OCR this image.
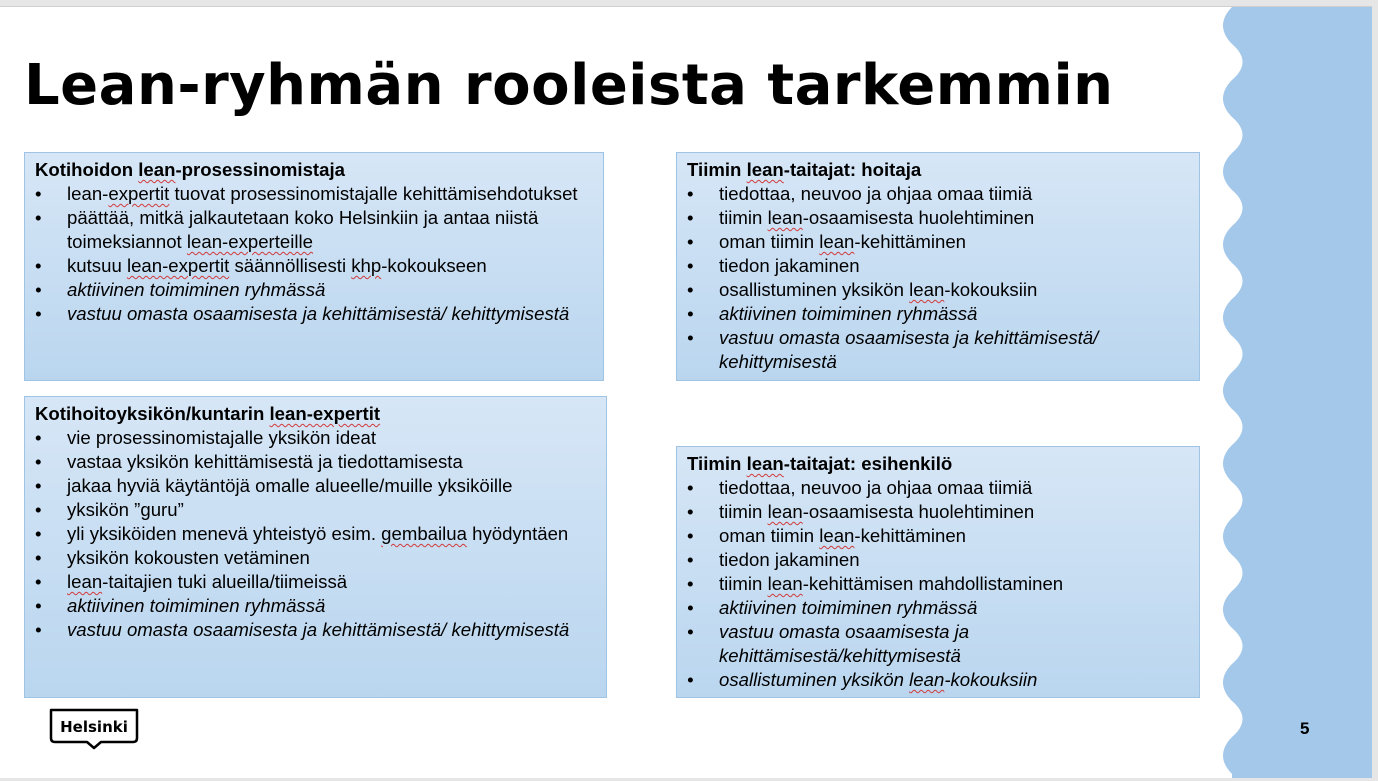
Lean-ryhmän rooleista tarkemmin
Kotihoidon lean-prosessinomistaja
• lean-expertit tuovat prosessinomistajalle kehittämisehdotukset
• päättää, mitkä jalkautetaan koko Helsinkiin ja antaa niistä toimeksiannot lean-experteille
• kutsuu lean-expertit säännöllisesti khp-kokoukseen
• aktiivinen toimiminen ryhmässä
• vastuu omasta osaamisesta ja kehittämisestä/ kehittymisestä
Tiimin lean-taitajat: hoitaja
• tiedottaa, neuvoo ja ohjaa omaa tiimiä
• tiimin lean-osaamisesta huolehtiminen
• oman tiimin lean-kehittäminen
• tiedon jakaminen
• osallistuminen yksikön lean-kokouksiin
• aktiivinen toimiminen ryhmässä
• vastuu omasta osaamisesta ja kehittämisestä/ kehittymisestä
Kotihoitoyksikön/kuntarin lean-expertit
• vie prosessinomistajalle yksikön ideat
• vastaa yksikön kehittämisestä ja tiedottamisesta
• jakaa hyviä käytäntöjä omalle alueelle/muille yksiköille
• yksikön ”guru”
• yli yksiköiden menevä yhteistyö esim. gembailua hyödyntäen
• yksikön kokousten vetäminen
• lean-taitajien tuki alueilla/tiimeissä
• aktiivinen toimiminen ryhmässä
• vastuu omasta osaamisesta ja kehittämisestä/ kehittymisestä
Tiimin lean-taitajat: esihenkilö
• tiedottaa, neuvoo ja ohjaa omaa tiimiä
• tiimin lean-osaamisesta huolehtiminen
• oman tiimin lean-kehittäminen
• tiedon jakaminen
• tiimin lean-kehittämisen mahdollistaminen
• aktiivinen toimiminen ryhmässä
• vastuu omasta osaamisesta ja kehittämisestä/kehittymisestä
• osallistuminen yksikön lean-kokouksiin
Helsinki	5
